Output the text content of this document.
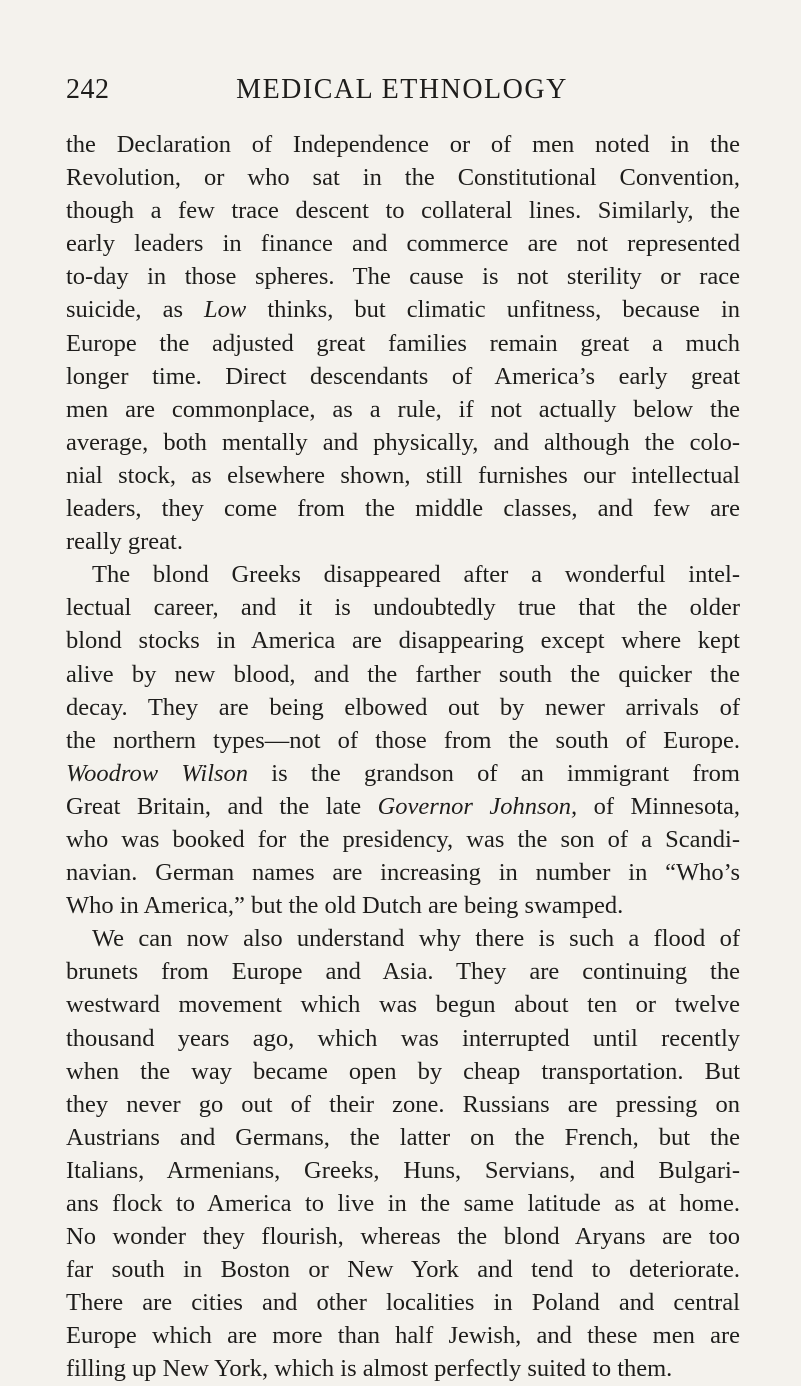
242	MEDICAL ETHNOLOGY
the Declaration of Independence or of men noted in the
Revolution, or who sat in the Constitutional Convention,
though a few trace descent to collateral lines. Similarly, the
early leaders in finance and commerce are not represented
to-day in those spheres. The cause is not sterility or race
suicide, as Low thinks, but climatic unfitness, because in
Europe the adjusted great families remain great a much
longer time. Direct descendants of America’s early great
men are commonplace, as a rule, if not actually below the
average, both mentally and physically, and although the colo-
nial stock, as elsewhere shown, still furnishes our intellectual
leaders, they come from the middle classes, and few are
really great.
The blond Greeks disappeared after a wonderful intel-
lectual career, and it is undoubtedly true that the older
blond stocks in America are disappearing except where kept
alive by new blood, and the farther south the quicker the
decay. They are being elbowed out by newer arrivals of
the northern types—not of those from the south of Europe.
Woodrow Wilson is the grandson of an immigrant from
Great Britain, and the late Governor Johnson, of Minnesota,
who was booked for the presidency, was the son of a Scandi-
navian. German names are increasing in number in “Who’s
Who in America,” but the old Dutch are being swamped.
We can now also understand why there is such a flood of
brunets from Europe and Asia. They are continuing the
westward movement which was begun about ten or twelve
thousand years ago, which was interrupted until recently
when the way became open by cheap transportation. But
they never go out of their zone. Russians are pressing on
Austrians and Germans, the latter on the French, but the
Italians, Armenians, Greeks, Huns, Servians, and Bulgari-
ans flock to America to live in the same latitude as at home.
No wonder they flourish, whereas the blond Aryans are too
far south in Boston or New York and tend to deteriorate.
There are cities and other localities in Poland and central
Europe which are more than half Jewish, and these men are
filling up New York, which is almost perfectly suited to them.
